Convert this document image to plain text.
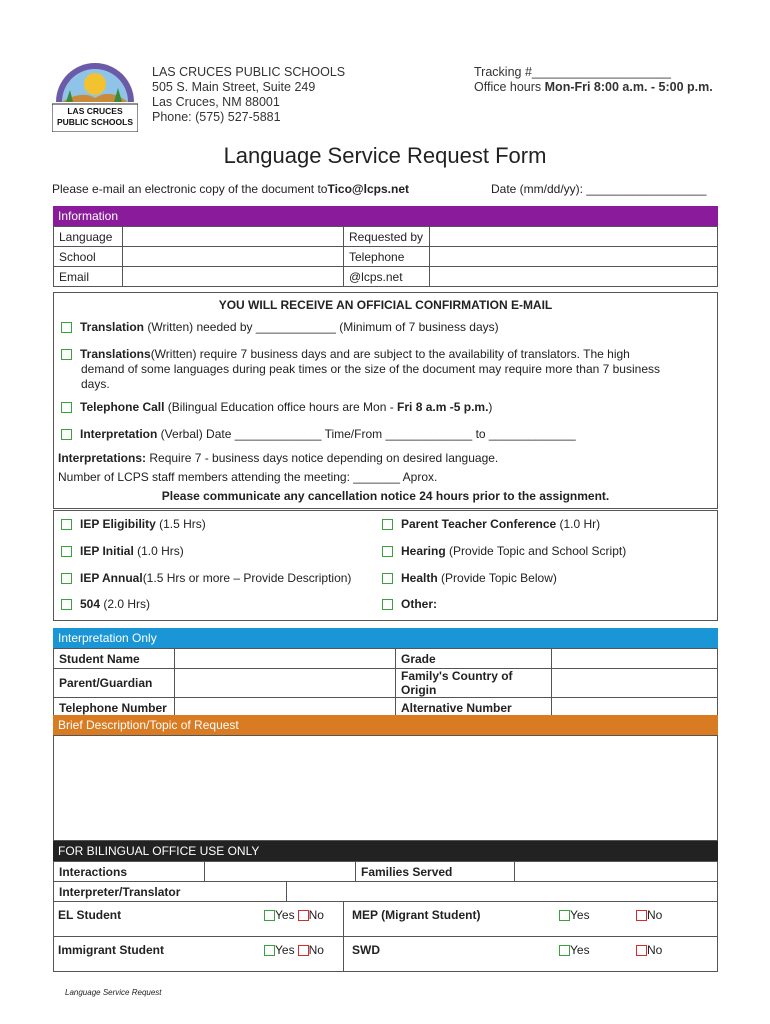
LAS CRUCES
PUBLIC SCHOOLS
LAS CRUCES PUBLIC SCHOOLS
505 S. Main Street, Suite 249
Las Cruces, NM 88001
Phone: (575) 527-5881
Tracking #____________________
Office hours Mon-Fri 8:00 a.m. - 5:00 p.m.
Language Service Request Form
Please e-mail an electronic copy of the document toTico@lcps.net	Date (mm/dd/yy): __________________
Information
Language		Requested by	
School		Telephone	
Email		@lcps.net	
YOU WILL RECEIVE AN OFFICIAL CONFIRMATION E-MAIL
Translation (Written) needed by ____________ (Minimum of 7 business days)
Translations(Written) require 7 business days and are subject to the availability of translators. The high
demand of some languages during peak times or the size of the document may require more than 7 business
days.
Telephone Call (Bilingual Education office hours are Mon - Fri 8 a.m -5 p.m.)
Interpretation (Verbal) Date _____________ Time/From _____________ to _____________
Interpretations: Require 7 - business days notice depending on desired language.
Number of LCPS staff members attending the meeting: _______ Aprox.
Please communicate any cancellation notice 24 hours prior to the assignment.
IEP Eligibility (1.5 Hrs)	Parent Teacher Conference (1.0 Hr)
IEP Initial (1.0 Hrs)	Hearing (Provide Topic and School Script)
IEP Annual(1.5 Hrs or more – Provide Description)	Health (Provide Topic Below)
504 (2.0 Hrs)	Other:
Interpretation Only
Student Name		Grade	
Parent/Guardian		Family's Country of Origin	
Telephone Number		Alternative Number	
Brief Description/Topic of Request
FOR BILINGUAL OFFICE USE ONLY
Interactions		Families Served	
Interpreter/Translator	
EL Student	Yes No MEP (Migrant Student)	Yes	No
Immigrant Student	Yes No SWD	Yes	No
Language Service Request
